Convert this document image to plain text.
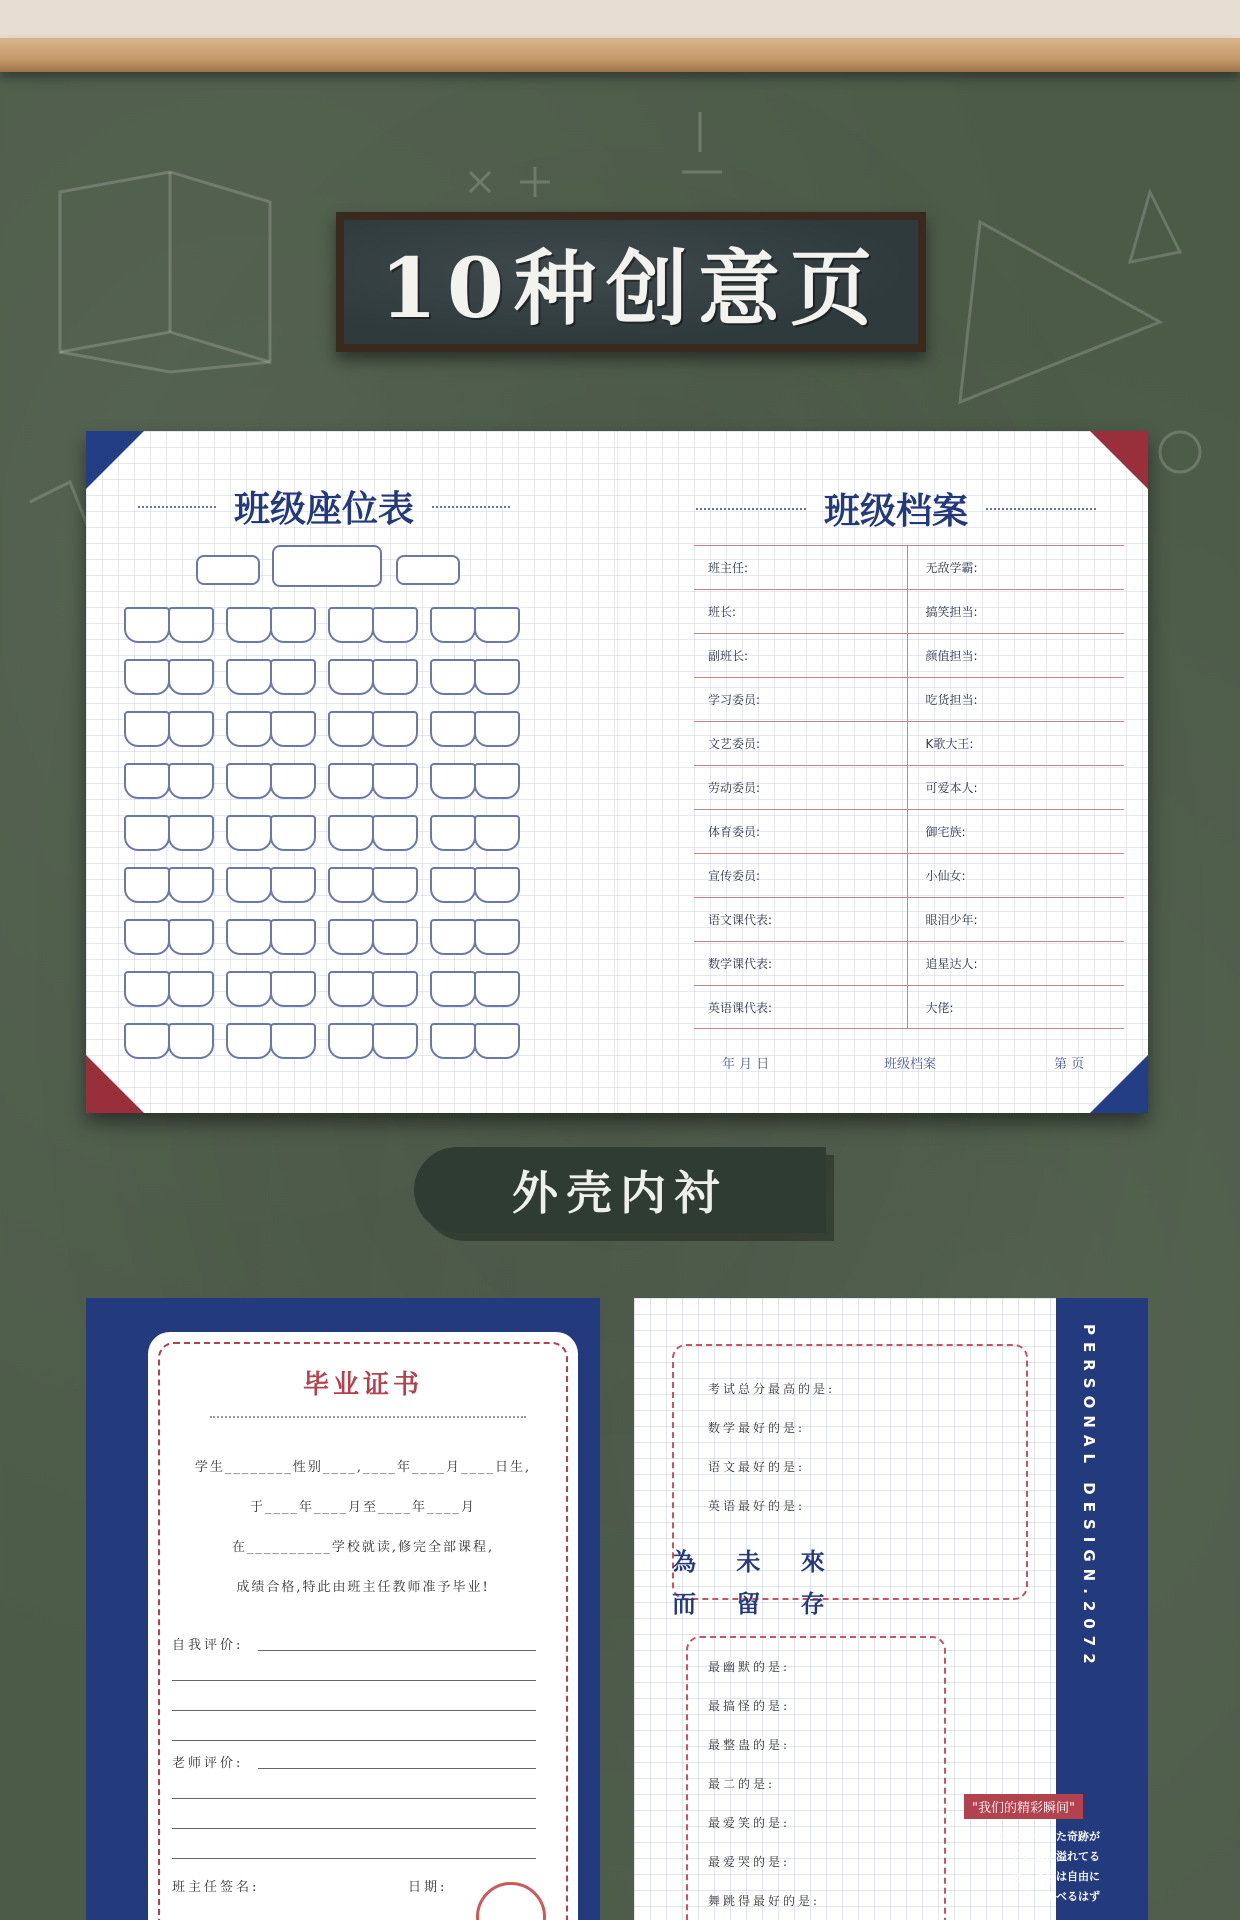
10种创意页
班级座位表	班级档案
班主任:	无敌学霸:
班长:	搞笑担当:
副班长:	颜值担当:
学习委员:	吃货担当:
文艺委员:	K歌大王:
劳动委员:	可爱本人:
体育委员:	御宅族:
宣传委员:	小仙女:
语文课代表:	眼泪少年:
数学课代表:	追星达人:
英语课代表:	大佬:
年 月 日	班级档案	第 页
外壳内衬
毕业证书
学生________性别____,____年____月____日生,
于____年____月至____年____月
在__________学校就读,修完全部课程,
成绩合格,特此由班主任教师准予毕业!
自我评价:
老师评价:
班主任签名:	日期:
PERSONAL DESIGN.2072
考试总分最高的是:
数学最好的是:
语文最好的是:
英语最好的是:
為 未 來
而 留 存
最幽默的是:
最搞怪的是:
最整蛊的是:
最二的是:
最爱笑的是:
最爱哭的是:
舞跳得最好的是:
"我们的精彩瞬间"
君と出会った奇跡が
この胸に溢れてる
きっと今は自由に
空も飛べるはず
